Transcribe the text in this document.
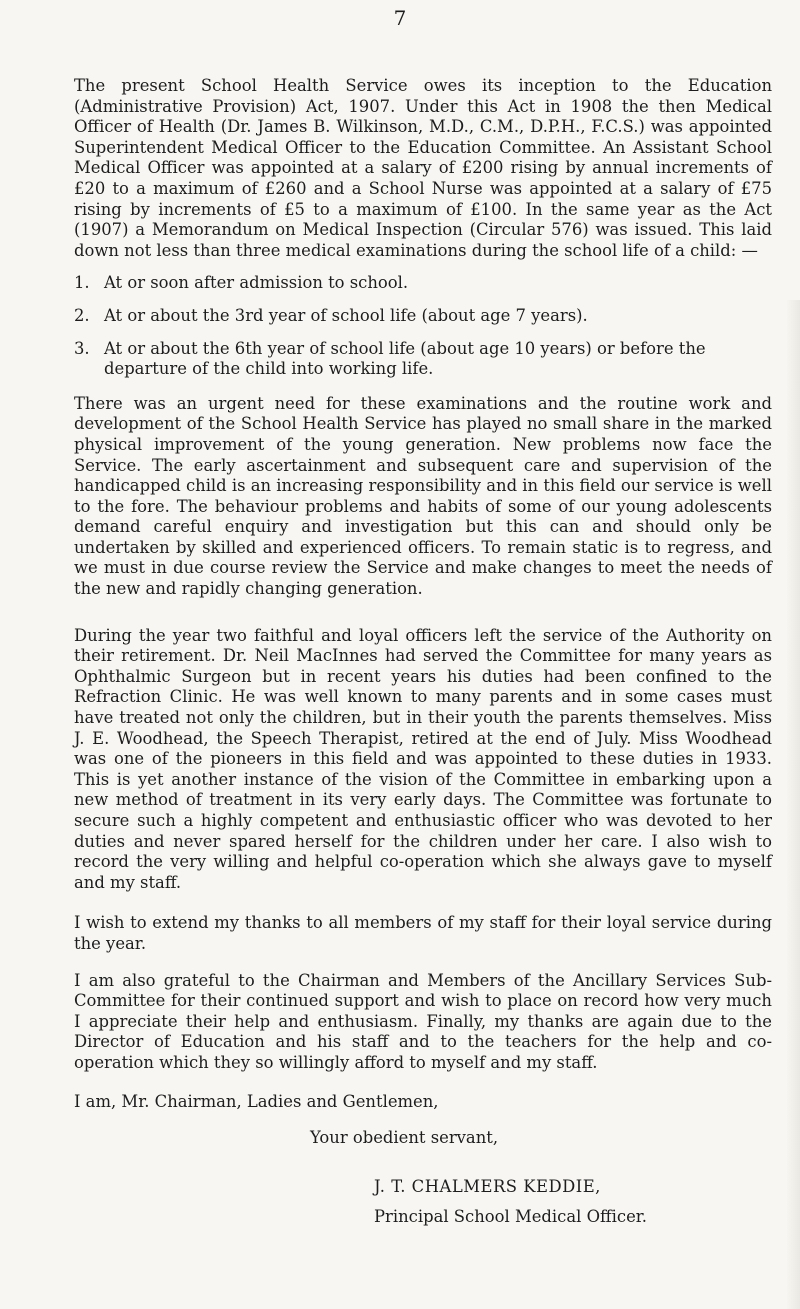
7

The present School Health Service owes its inception to the Education (Administrative Provision) Act, 1907. Under this Act in 1908 the then Medical Officer of Health (Dr. James B. Wilkinson, M.D., C.M., D.P.H., F.C.S.) was appointed Superintendent Medical Officer to the Education Committee. An Assistant School Medical Officer was appointed at a salary of £200 rising by annual increments of £20 to a maximum of £260 and a School Nurse was appointed at a salary of £75 rising by increments of £5 to a maximum of £100. In the same year as the Act (1907) a Memorandum on Medical Inspection (Circular 576) was issued. This laid down not less than three medical examinations during the school life of a child: —

1. At or soon after admission to school.
2. At or about the 3rd year of school life (about age 7 years).
3. At or about the 6th year of school life (about age 10 years) or before the departure of the child into working life.

There was an urgent need for these examinations and the routine work and development of the School Health Service has played no small share in the marked physical improvement of the young generation. New problems now face the Service. The early ascertainment and subsequent care and supervision of the handicapped child is an increasing responsibility and in this field our service is well to the fore. The behaviour problems and habits of some of our young adolescents demand careful enquiry and investigation but this can and should only be undertaken by skilled and experienced officers. To remain static is to regress, and we must in due course review the Service and make changes to meet the needs of the new and rapidly changing generation.

During the year two faithful and loyal officers left the service of the Authority on their retirement. Dr. Neil MacInnes had served the Committee for many years as Ophthalmic Surgeon but in recent years his duties had been confined to the Refraction Clinic. He was well known to many parents and in some cases must have treated not only the children, but in their youth the parents themselves. Miss J. E. Woodhead, the Speech Therapist, retired at the end of July. Miss Woodhead was one of the pioneers in this field and was appointed to these duties in 1933. This is yet another instance of the vision of the Committee in embarking upon a new method of treatment in its very early days. The Committee was fortunate to secure such a highly competent and enthusiastic officer who was devoted to her duties and never spared herself for the children under her care. I also wish to record the very willing and helpful co-operation which she always gave to myself and my staff.

I wish to extend my thanks to all members of my staff for their loyal service during the year.

I am also grateful to the Chairman and Members of the Ancillary Services Sub-Committee for their continued support and wish to place on record how very much I appreciate their help and enthusiasm. Finally, my thanks are again due to the Director of Education and his staff and to the teachers for the help and co-operation which they so willingly afford to myself and my staff.

I am, Mr. Chairman, Ladies and Gentlemen,
Your obedient servant,
J. T. CHALMERS KEDDIE,
Principal School Medical Officer.
